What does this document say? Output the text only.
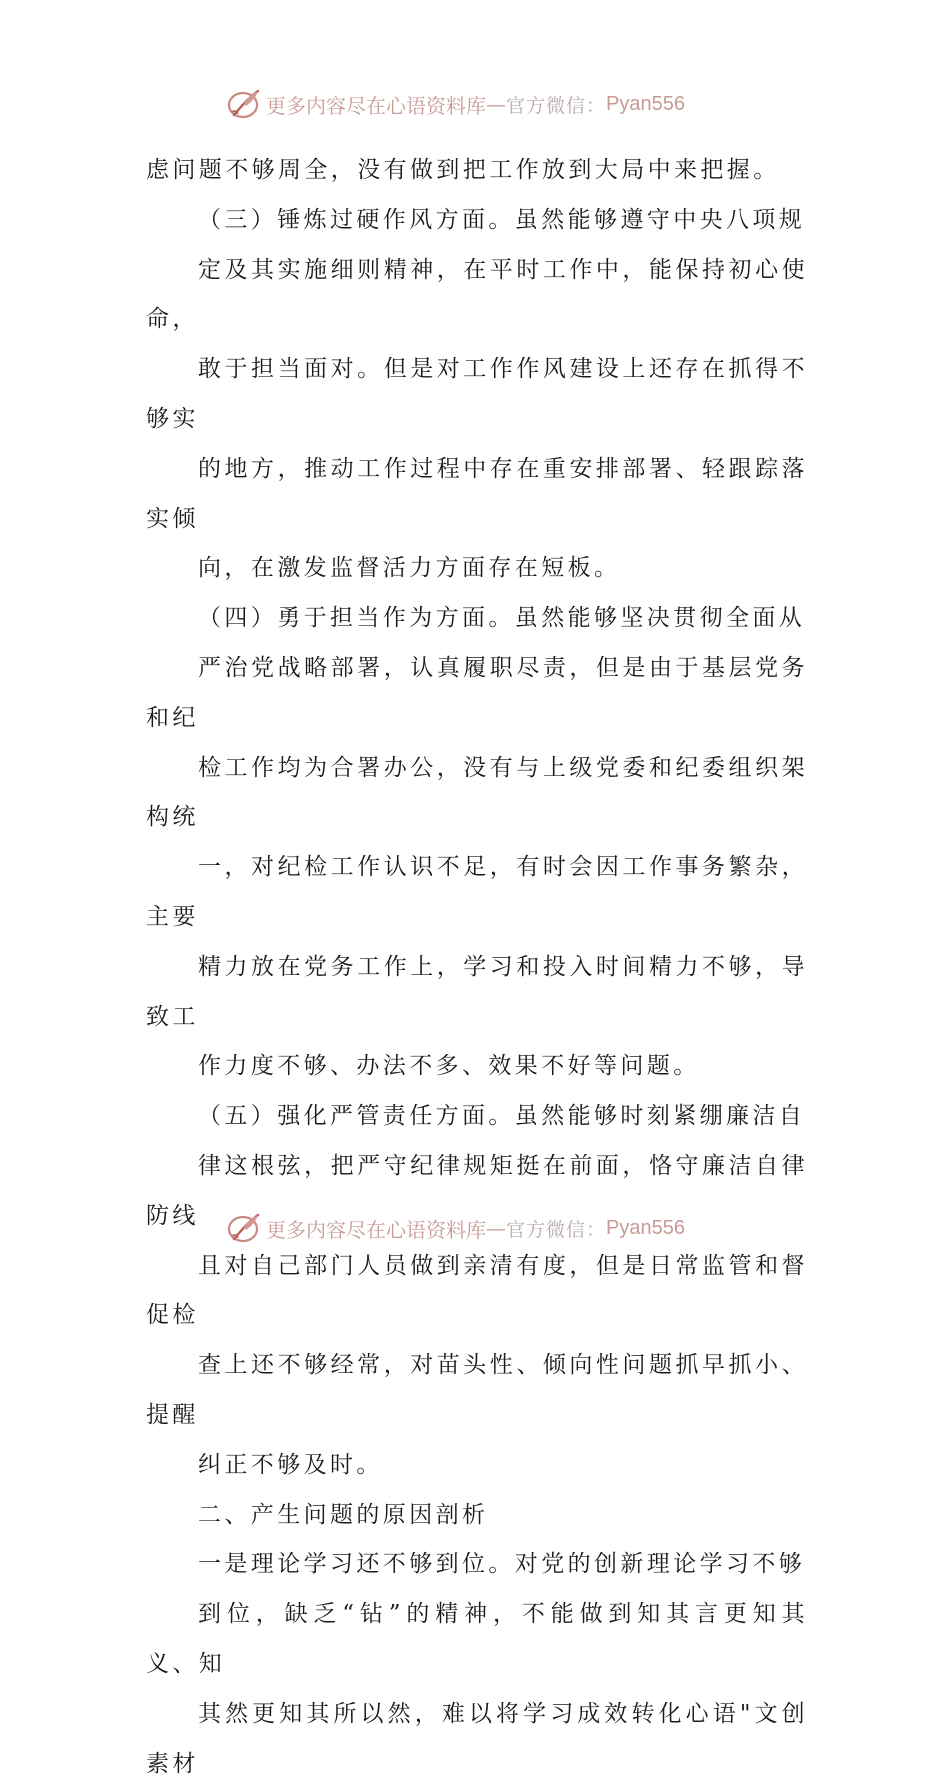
更多内容尽在心语资料库 — 官方微信： Pyan556

虑问题不够周全，没有做到把工作放到大局中来把握。

（三）锤炼过硬作风方面。虽然能够遵守中央八项规
定及其实施细则精神，在平时工作中，能保持初心使命，
敢于担当面对。但是对工作作风建设上还存在抓得不够实
的地方，推动工作过程中存在重安排部署、轻跟踪落实倾
向，在激发监督活力方面存在短板。

（四）勇于担当作为方面。虽然能够坚决贯彻全面从
严治党战略部署，认真履职尽责，但是由于基层党务和纪
检工作均为合署办公，没有与上级党委和纪委组织架构统
一，对纪检工作认识不足，有时会因工作事务繁杂，主要
精力放在党务工作上，学习和投入时间精力不够，导致工
作力度不够、办法不多、效果不好等问题。

（五）强化严管责任方面。虽然能够时刻紧绷廉洁自
律这根弦，把严守纪律规矩挺在前面，恪守廉洁自律防线
且对自己部门人员做到亲清有度，但是日常监管和督促检
查上还不够经常，对苗头性、倾向性问题抓早抓小、提醒
纠正不够及时。

二、产生问题的原因剖析

一是理论学习还不够到位。对党的创新理论学习不够
到位，缺乏“钻”的精神，不能做到知其言更知其义、知
其然更知其所以然，难以将学习成效转化心语"文创素材

更多内容尽在心语资料库 — 官方微信： Pyan556
